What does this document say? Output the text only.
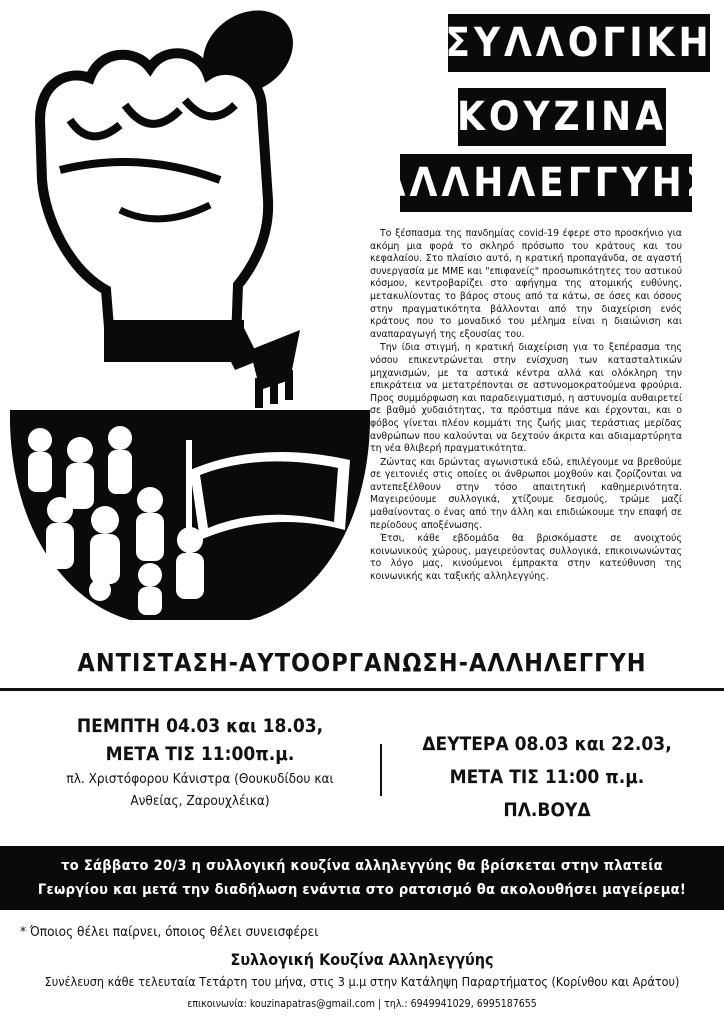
ΣΥΛΛΟΓΙΚΗ
ΚΟΥΖΙΝΑ
ΑΛΛΗΛΕΓΓΥΗΣ

Το ξέσπασμα της πανδημίας covid-19 έφερε στο προσκήνιο για ακόμη μια φορά το σκληρό πρόσωπο του κράτους και του κεφαλαίου. Στο πλαίσιο αυτό, η κρατική προπαγάνδα, σε αγαστή συνεργασία με ΜΜΕ και "επιφανείς" προσωπικότητες του αστικού κόσμου, κεντροβαρίζει στο αφήγημα της ατομικής ευθύνης, μετακυλίοντας το βάρος στους από τα κάτω, σε όσες και όσους στην πραγματικότητα βάλλονται από την διαχείριση ενός κράτους που το μοναδικό του μέλημα είναι η διαιώνιση και αναπαραγωγή της εξουσίας του.

Την ίδια στιγμή, η κρατική διαχείριση για το ξεπέρασμα της νόσου επικεντρώνεται στην ενίσχυση των κατασταλτικών μηχανισμών, με τα αστικά κέντρα αλλά και ολόκληρη την επικράτεια να μετατρέπονται σε αστυνομοκρατούμενα φρούρια. Προς συμμόρφωση και παραδειγματισμό, η αστυνομία αυθαιρετεί σε βαθμό χυδαιότητας, τα πρόστιμα πάνε και έρχονται, και ο φόβος γίνεται πλέον κομμάτι της ζωής μιας τεράστιας μερίδας ανθρώπων που καλούνται να δεχτούν άκριτα και αδιαμαρτύρητα τη νέα θλιβερή πραγματικότητα.

Ζώντας και δρώντας αγωνιστικά εδώ, επιλέγουμε να βρεθούμε σε γειτονιές στις οποίες οι άνθρωποι μοχθούν και ζορίζονται να αντεπεξέλθουν στην τόσο απαιτητική καθημερινότητα. Μαγειρεύουμε συλλογικά, χτίζουμε δεσμούς, τρώμε μαζί μαθαίνοντας ο ένας από την άλλη και επιδιώκουμε την επαφή σε περίοδους αποξένωσης.

Έτσι, κάθε εβδομάδα θα βρισκόμαστε σε ανοιχτούς κοινωνικούς χώρους, μαγειρεύοντας συλλογικά, επικοινωνώντας το λόγο μας, κινούμενοι έμπρακτα στην κατεύθυνση της κοινωνικής και ταξικής αλληλεγγύης.

ΑΝΤΙΣΤΑΣΗ-ΑΥΤΟΟΡΓΑΝΩΣΗ-ΑΛΛΗΛΕΓΓΥΗ
ΠΕΜΠΤΗ 04.03 και 18.03,
ΜΕΤΑ ΤΙΣ 11:00π.μ.
πλ. Χριστόφορου Κάνιστρα (Θουκυδίδου και
Ανθείας, Ζαρουχλέικα)
ΔΕΥΤΕΡΑ 08.03 και 22.03,
ΜΕΤΑ ΤΙΣ 11:00 π.μ.
ΠΛ.ΒΟΥΔ
το Σάββατο 20/3 η συλλογική κουζίνα αλληλεγγύης θα βρίσκεται στην πλατεία
Γεωργίου και μετά την διαδήλωση ενάντια στο ρατσισμό θα ακολουθήσει μαγείρεμα!
* Όποιος θέλει παίρνει, όποιος θέλει συνεισφέρει
Συλλογική Κουζίνα Αλληλεγγύης
Συνέλευση κάθε τελευταία Τετάρτη του μήνα, στις 3 μ.μ στην Κατάληψη Παραρτήματος (Κορίνθου και Αράτου)
επικοινωνία: kouzinapatras@gmail.com | τηλ.: 6949941029, 6995187655
